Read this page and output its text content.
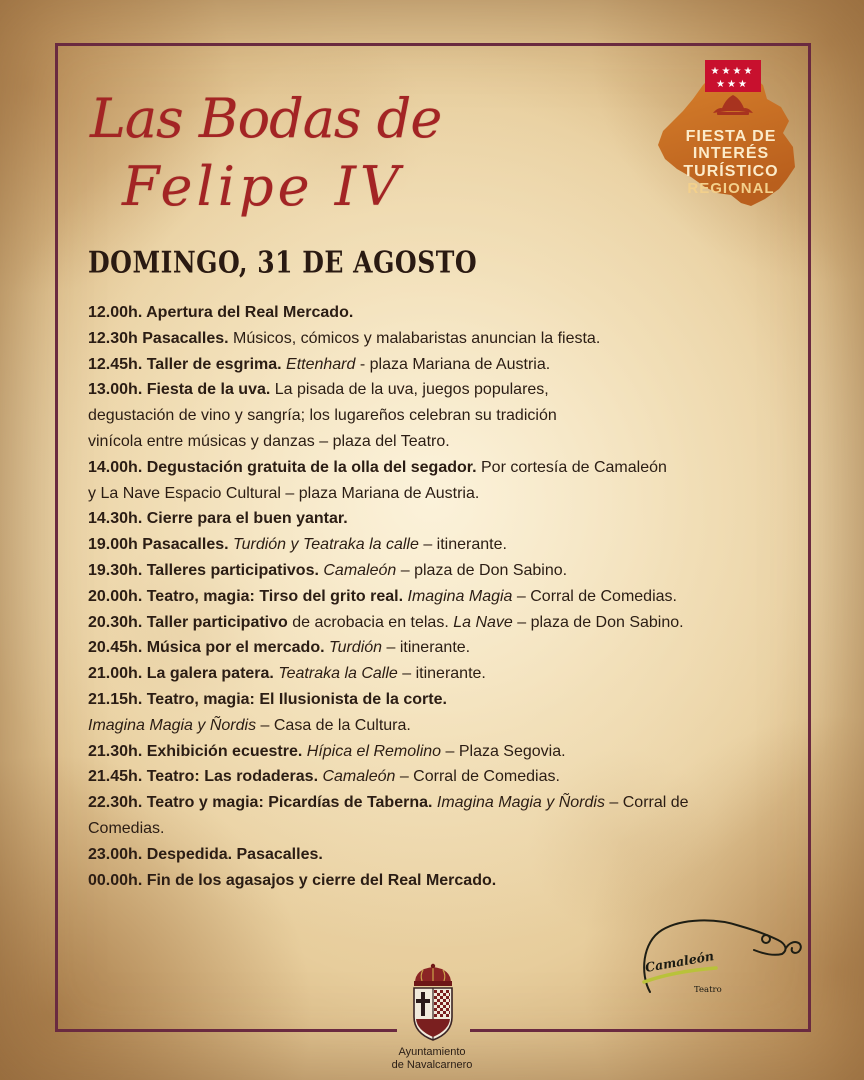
Las Bodas de
Felipe IV
DOMINGO, 31 DE AGOSTO
★ ★ ★ ★
★ ★ ★
FIESTA DE
INTERÉS
TURÍSTICO
REGIONAL
12.00h. Apertura del Real Mercado.
12.30h Pasacalles. Músicos, cómicos y malabaristas anuncian la fiesta.
12.45h. Taller de esgrima. Ettenhard - plaza Mariana de Austria.
13.00h. Fiesta de la uva. La pisada de la uva, juegos populares,
degustación de vino y sangría; los lugareños celebran su tradición
vinícola entre músicas y danzas – plaza del Teatro.
14.00h. Degustación gratuita de la olla del segador. Por cortesía de Camaleón
y La Nave Espacio Cultural – plaza Mariana de Austria.
14.30h. Cierre para el buen yantar.
19.00h Pasacalles. Turdión y Teatraka la calle – itinerante.
19.30h. Talleres participativos. Camaleón – plaza de Don Sabino.
20.00h. Teatro, magia: Tirso del grito real. Imagina Magia – Corral de Comedias.
20.30h. Taller participativo de acrobacia en telas. La Nave – plaza de Don Sabino.
20.45h. Música por el mercado. Turdión – itinerante.
21.00h. La galera patera. Teatraka la Calle – itinerante.
21.15h. Teatro, magia: El Ilusionista de la corte.
Imagina Magia y Ñordis – Casa de la Cultura.
21.30h. Exhibición ecuestre. Hípica el Remolino – Plaza Segovia.
21.45h. Teatro: Las rodaderas. Camaleón – Corral de Comedias.
22.30h. Teatro y magia: Picardías de Taberna. Imagina Magia y Ñordis – Corral de
Comedias.
23.00h. Despedida. Pasacalles.
00.00h. Fin de los agasajos y cierre del Real Mercado.
Camaleón
Teatro
Ayuntamiento
de Navalcarnero
